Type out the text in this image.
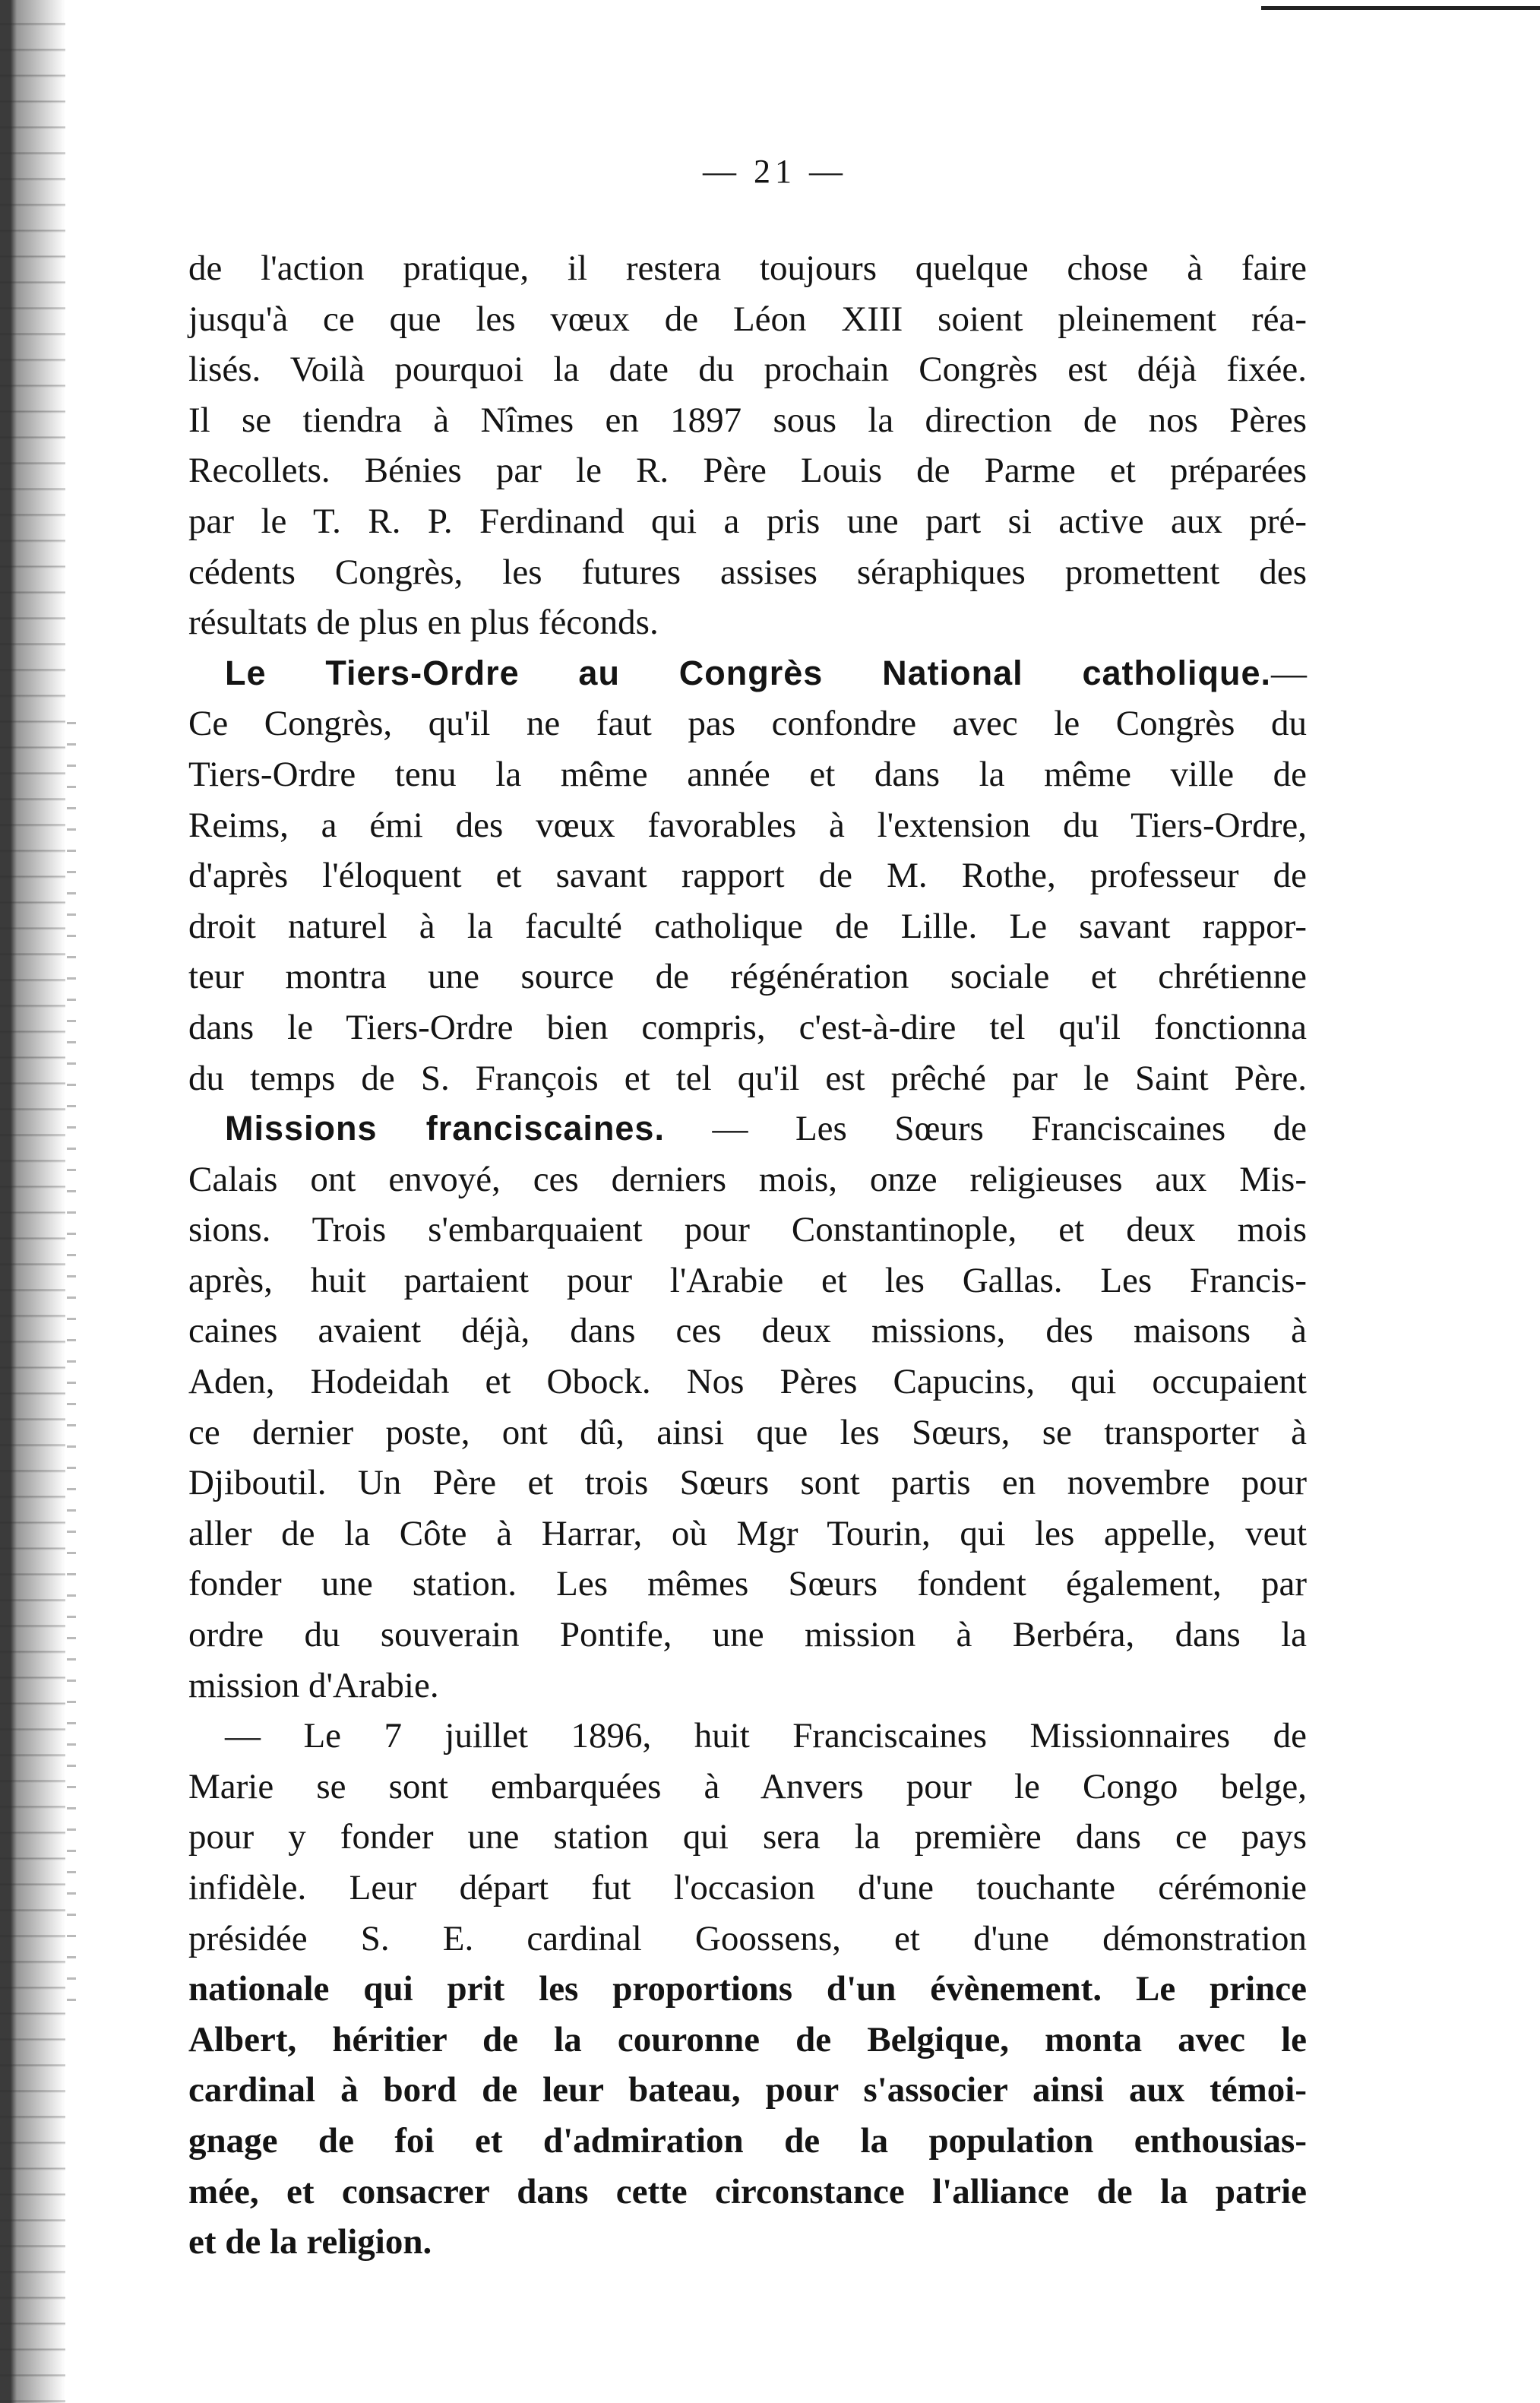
— 21 —
de l'action pratique, il restera toujours quelque chose à faire
jusqu'à ce que les vœux de Léon XIII soient pleinement réa-
lisés. Voilà pourquoi la date du prochain Congrès est déjà fixée.
Il se tiendra à Nîmes en 1897 sous la direction de nos Pères
Recollets. Bénies par le R. Père Louis de Parme et préparées
par le T. R. P. Ferdinand qui a pris une part si active aux pré-
cédents Congrès, les futures assises séraphiques promettent des
résultats de plus en plus féconds.
Le Tiers-Ordre au Congrès National catholique.—
Ce Congrès, qu'il ne faut pas confondre avec le Congrès du
Tiers-Ordre tenu la même année et dans la même ville de
Reims, a émi des vœux favorables à l'extension du Tiers-Ordre,
d'après l'éloquent et savant rapport de M. Rothe, professeur de
droit naturel à la faculté catholique de Lille. Le savant rappor-
teur montra une source de régénération sociale et chrétienne
dans le Tiers-Ordre bien compris, c'est-à-dire tel qu'il fonctionna
du temps de S. François et tel qu'il est prêché par le Saint Père.
Missions franciscaines. — Les Sœurs Franciscaines de
Calais ont envoyé, ces derniers mois, onze religieuses aux Mis-
sions. Trois s'embarquaient pour Constantinople, et deux mois
après, huit partaient pour l'Arabie et les Gallas. Les Francis-
caines avaient déjà, dans ces deux missions, des maisons à
Aden, Hodeidah et Obock. Nos Pères Capucins, qui occupaient
ce dernier poste, ont dû, ainsi que les Sœurs, se transporter à
Djiboutil. Un Père et trois Sœurs sont partis en novembre pour
aller de la Côte à Harrar, où Mgr Tourin, qui les appelle, veut
fonder une station. Les mêmes Sœurs fondent également, par
ordre du souverain Pontife, une mission à Berbéra, dans la
mission d'Arabie.
— Le 7 juillet 1896, huit Franciscaines Missionnaires de
Marie se sont embarquées à Anvers pour le Congo belge,
pour y fonder une station qui sera la première dans ce pays
infidèle. Leur départ fut l'occasion d'une touchante cérémonie
présidée S. E. cardinal Goossens, et d'une démonstration
nationale qui prit les proportions d'un évènement. Le prince
Albert, héritier de la couronne de Belgique, monta avec le
cardinal à bord de leur bateau, pour s'associer ainsi aux témoi-
gnage de foi et d'admiration de la population enthousias-
mée, et consacrer dans cette circonstance l'alliance de la patrie
et de la religion.
